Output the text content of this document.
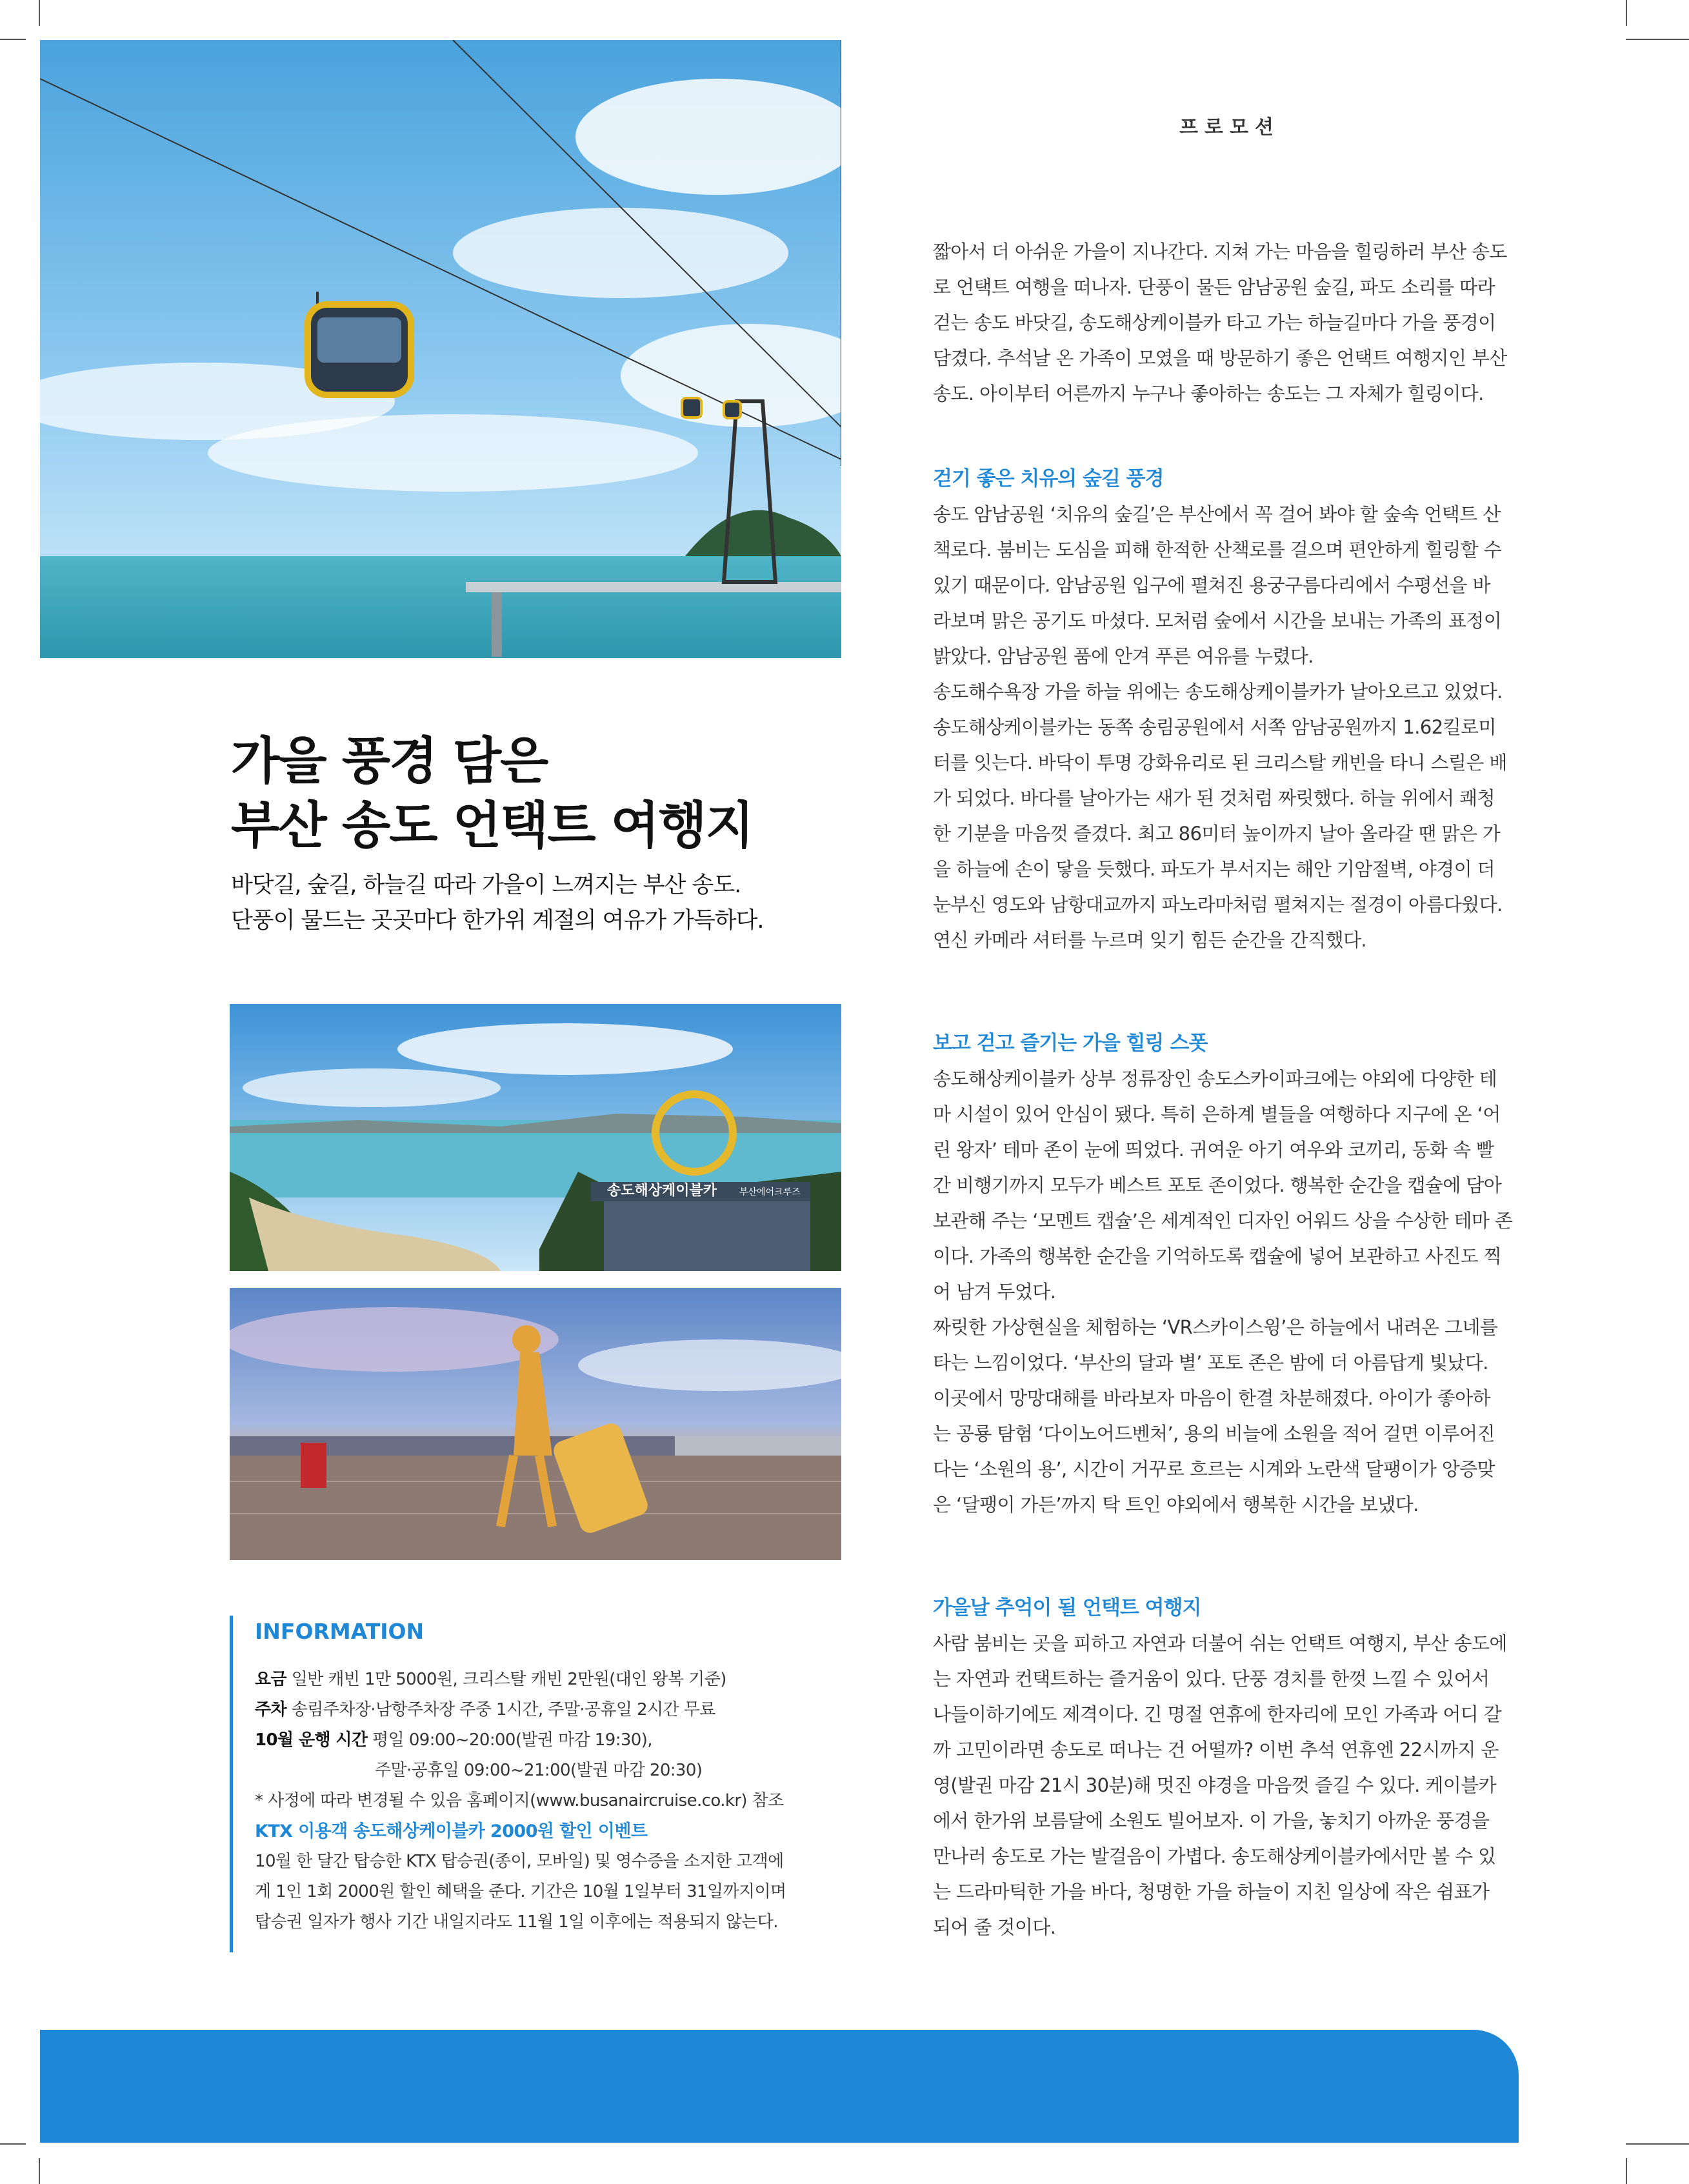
프로모션
가을 풍경 담은
부산 송도 언택트 여행지
바닷길, 숲길, 하늘길 따라 가을이 느껴지는 부산 송도.
단풍이 물드는 곳곳마다 한가위 계절의 여유가 가득하다.
송도해상케이블카 부산에어크루즈
짧아서 더 아쉬운 가을이 지나간다. 지쳐 가는 마음을 힐링하러 부산 송도
로 언택트 여행을 떠나자. 단풍이 물든 암남공원 숲길, 파도 소리를 따라
걷는 송도 바닷길, 송도해상케이블카 타고 가는 하늘길마다 가을 풍경이
담겼다. 추석날 온 가족이 모였을 때 방문하기 좋은 언택트 여행지인 부산
송도. 아이부터 어른까지 누구나 좋아하는 송도는 그 자체가 힐링이다.
걷기 좋은 치유의 숲길 풍경
송도 암남공원 ‘치유의 숲길’은 부산에서 꼭 걸어 봐야 할 숲속 언택트 산
책로다. 붐비는 도심을 피해 한적한 산책로를 걸으며 편안하게 힐링할 수
있기 때문이다. 암남공원 입구에 펼쳐진 용궁구름다리에서 수평선을 바
라보며 맑은 공기도 마셨다. 모처럼 숲에서 시간을 보내는 가족의 표정이
밝았다. 암남공원 품에 안겨 푸른 여유를 누렸다.
송도해수욕장 가을 하늘 위에는 송도해상케이블카가 날아오르고 있었다.
송도해상케이블카는 동쪽 송림공원에서 서쪽 암남공원까지 1.62킬로미
터를 잇는다. 바닥이 투명 강화유리로 된 크리스탈 캐빈을 타니 스릴은 배
가 되었다. 바다를 날아가는 새가 된 것처럼 짜릿했다. 하늘 위에서 쾌청
한 기분을 마음껏 즐겼다. 최고 86미터 높이까지 날아 올라갈 땐 맑은 가
을 하늘에 손이 닿을 듯했다. 파도가 부서지는 해안 기암절벽, 야경이 더
눈부신 영도와 남항대교까지 파노라마처럼 펼쳐지는 절경이 아름다웠다.
연신 카메라 셔터를 누르며 잊기 힘든 순간을 간직했다.
보고 걷고 즐기는 가을 힐링 스폿
송도해상케이블카 상부 정류장인 송도스카이파크에는 야외에 다양한 테
마 시설이 있어 안심이 됐다. 특히 은하계 별들을 여행하다 지구에 온 ‘어
린 왕자’ 테마 존이 눈에 띄었다. 귀여운 아기 여우와 코끼리, 동화 속 빨
간 비행기까지 모두가 베스트 포토 존이었다. 행복한 순간을 캡슐에 담아
보관해 주는 ‘모멘트 캡슐’은 세계적인 디자인 어워드 상을 수상한 테마 존
이다. 가족의 행복한 순간을 기억하도록 캡슐에 넣어 보관하고 사진도 찍
어 남겨 두었다.
짜릿한 가상현실을 체험하는 ‘VR스카이스윙’은 하늘에서 내려온 그네를
타는 느낌이었다. ‘부산의 달과 별’ 포토 존은 밤에 더 아름답게 빛났다.
이곳에서 망망대해를 바라보자 마음이 한결 차분해졌다. 아이가 좋아하
는 공룡 탐험 ‘다이노어드벤처’, 용의 비늘에 소원을 적어 걸면 이루어진
다는 ‘소원의 용’, 시간이 거꾸로 흐르는 시계와 노란색 달팽이가 앙증맞
은 ‘달팽이 가든’까지 탁 트인 야외에서 행복한 시간을 보냈다.
가을날 추억이 될 언택트 여행지
사람 붐비는 곳을 피하고 자연과 더불어 쉬는 언택트 여행지, 부산 송도에
는 자연과 컨택트하는 즐거움이 있다. 단풍 경치를 한껏 느낄 수 있어서
나들이하기에도 제격이다. 긴 명절 연휴에 한자리에 모인 가족과 어디 갈
까 고민이라면 송도로 떠나는 건 어떨까? 이번 추석 연휴엔 22시까지 운
영(발권 마감 21시 30분)해 멋진 야경을 마음껏 즐길 수 있다. 케이블카
에서 한가위 보름달에 소원도 빌어보자. 이 가을, 놓치기 아까운 풍경을
만나러 송도로 가는 발걸음이 가볍다. 송도해상케이블카에서만 볼 수 있
는 드라마틱한 가을 바다, 청명한 가을 하늘이 지친 일상에 작은 쉼표가
되어 줄 것이다.
INFORMATION
요금 일반 캐빈 1만 5000원, 크리스탈 캐빈 2만원(대인 왕복 기준)
주차 송림주차장·남항주차장 주중 1시간, 주말·공휴일 2시간 무료
10월 운행 시간 평일 09:00~20:00(발권 마감 19:30),
주말·공휴일 09:00~21:00(발권 마감 20:30)
* 사정에 따라 변경될 수 있음 홈페이지(www.busanaircruise.co.kr) 참조
KTX 이용객 송도해상케이블카 2000원 할인 이벤트
10월 한 달간 탑승한 KTX 탑승권(종이, 모바일) 및 영수증을 소지한 고객에
게 1인 1회 2000원 할인 혜택을 준다. 기간은 10월 1일부터 31일까지이며
탑승권 일자가 행사 기간 내일지라도 11월 1일 이후에는 적용되지 않는다.
